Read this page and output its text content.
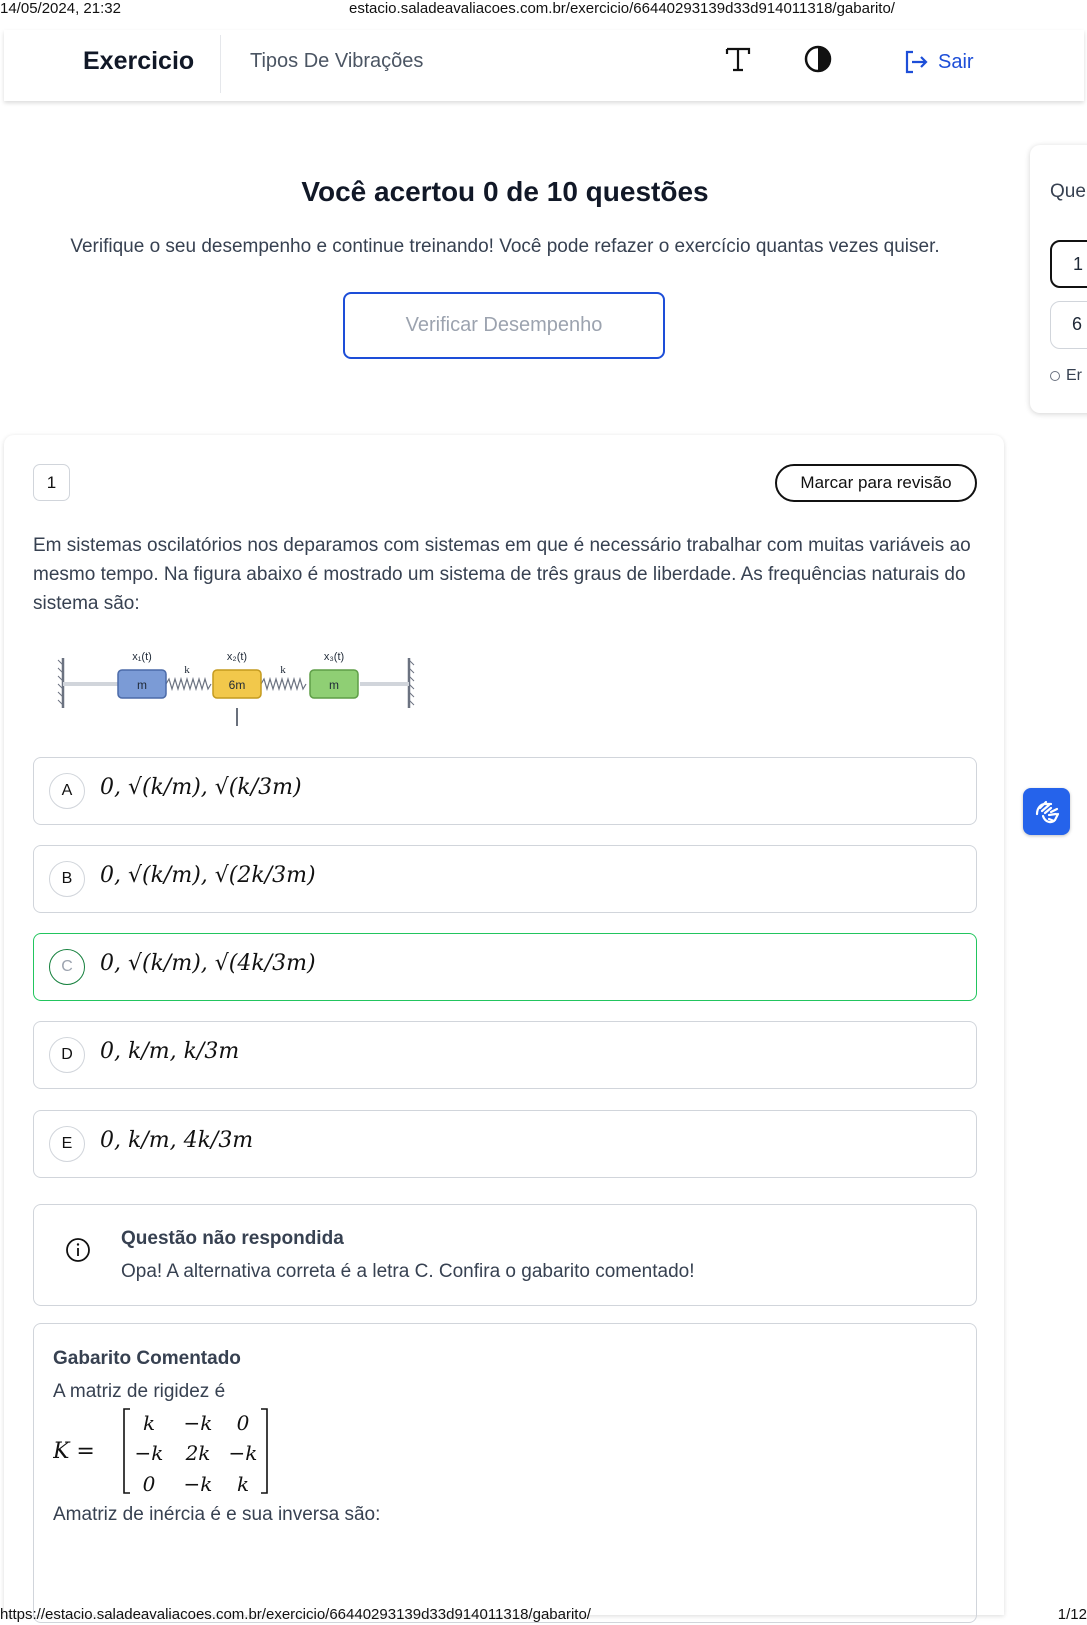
14/05/2024, 21:32	estacio.saladeavaliacoes.com.br/exercicio/66440293139d33d914011318/gabarito/
Exercicio	Tipos De Vibrações	Sair
Você acertou 0 de 10 questões
Verifique o seu desempenho e continue treinando! Você pode refazer o exercício quantas vezes quiser.
Verificar Desempenho
Que
1
6
Er
1	Marcar para revisão

Em sistemas oscilatórios nos deparamos com sistemas em que é necessário trabalhar com muitas variáveis ao mesmo tempo. Na figura abaixo é mostrado um sistema de três graus de liberdade. As frequências naturais do sistema são:

m	6m	m
k	k
x₁(t)	x₂(t)	x₃(t)
A	0, √(k/m), √(k/3m)
B	0, √(k/m), √(2k/3m)
C	0, √(k/m), √(4k/3m)
D	0, k/m, k/3m
E	0, k/m, 4k/3m
Questão não respondida
Opa! A alternativa correta é a letra C. Confira o gabarito comentado!
Gabarito Comentado
A matriz de rigidez é
K =
k −k 0
−k 2k −k
0 −k k
Amatriz de inércia é e sua inversa são:
https://estacio.saladeavaliacoes.com.br/exercicio/66440293139d33d914011318/gabarito/	1/12
